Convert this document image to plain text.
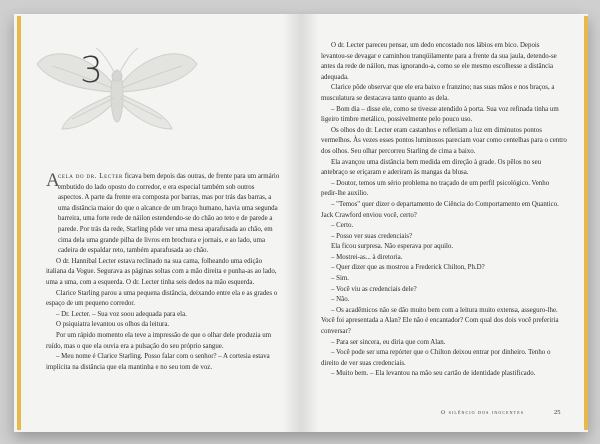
3

A
cela do dr. Lecter ficava bem depois das outras, de frente para um armário embutido do lado oposto do corredor, e era especial também sob outros aspectos. A parte da frente era composta por barras, mas por trás das barras, a uma distância maior do que o alcance de um braço humano, havia uma segunda barreira, uma forte rede de náilon estendendo-se do chão ao teto e de parede a parede. Por trás da rede, Starling pôde ver uma mesa aparafusada ao chão, em cima dela uma grande pilha de livros em brochura e jornais, e ao lado, uma cadeira de espaldar reto, também aparafusada ao chão.

O dr. Hannibal Lecter estava reclinado na sua cama, folheando uma edição italiana da Vogue. Segurava as páginas soltas com a mão direita e punha-as ao lado, uma a uma, com a esquerda. O dr. Lecter tinha seis dedos na mão esquerda.

Clarice Starling parou a uma pequena distância, deixando entre ela e as grades o espaço de um pequeno corredor.

– Dr. Lecter. – Sua voz soou adequada para ela.

O psiquiatra levantou os olhos da leitura.

Por um rápido momento ela teve a impressão de que o olhar dele produzia um ruído, mas o que ela ouvia era a pulsação do seu próprio sangue.

– Meu nome é Clarice Starling. Posso falar com o senhor? – A cortesia estava implícita na distância que ela mantinha e no seu tom de voz.

O dr. Lecter pareceu pensar, um dedo encostado nos lábios em bico. Depois levantou-se devagar e caminhou tranqüilamente para a frente da sua jaula, detendo-se antes da rede de náilon, mas ignorando-a, como se ele mesmo escolhesse a distância adequada.

Clarice pôde observar que ele era baixo e franzino; nas suas mãos e nos braços, a musculatura se destacava tanto quanto as dela.

– Bom dia – disse ele, como se tivesse atendido à porta. Sua voz refinada tinha um ligeiro timbre metálico, possivelmente pelo pouco uso.

Os olhos do dr. Lecter eram castanhos e refletiam a luz em diminutos pontos vermelhos. Às vezes esses pontos luminosos pareciam voar como centelhas para o centro dos olhos. Seu olhar percorreu Starling de cima a baixo.

Ela avançou uma distância bem medida em direção à grade. Os pêlos no seu antebraço se eriçaram e aderiram às mangas da blusa.

– Doutor, temos um sério problema no traçado de um perfil psicológico. Venho pedir-lhe auxílio.

– "Temos" quer dizer o departamento de Ciência do Comportamento em Quantico. Jack Crawford enviou você, certo?

– Certo.

– Posso ver suas credenciais?

Ela ficou surpresa. Não esperava por aquilo.

– Mostrei-as... à diretoria.

– Quer dizer que as mostrou a Frederick Chilton, Ph.D?

– Sim.

– Você viu as credenciais dele?

– Não.

– Os acadêmicos não se dão muito bem com a leitura muito extensa, asseguro-lhe. Você foi apresentada a Alan? Ele não é encantador? Com qual dos dois você preferiria conversar?

– Para ser sincera, eu diria que com Alan.

– Você pode ser uma repórter que o Chilton deixou entrar por dinheiro. Tenho o direito de ver suas credenciais.

– Muito bem. – Ela levantou na mão seu cartão de identidade plastificado.

O silêncio dos inocentes	25
